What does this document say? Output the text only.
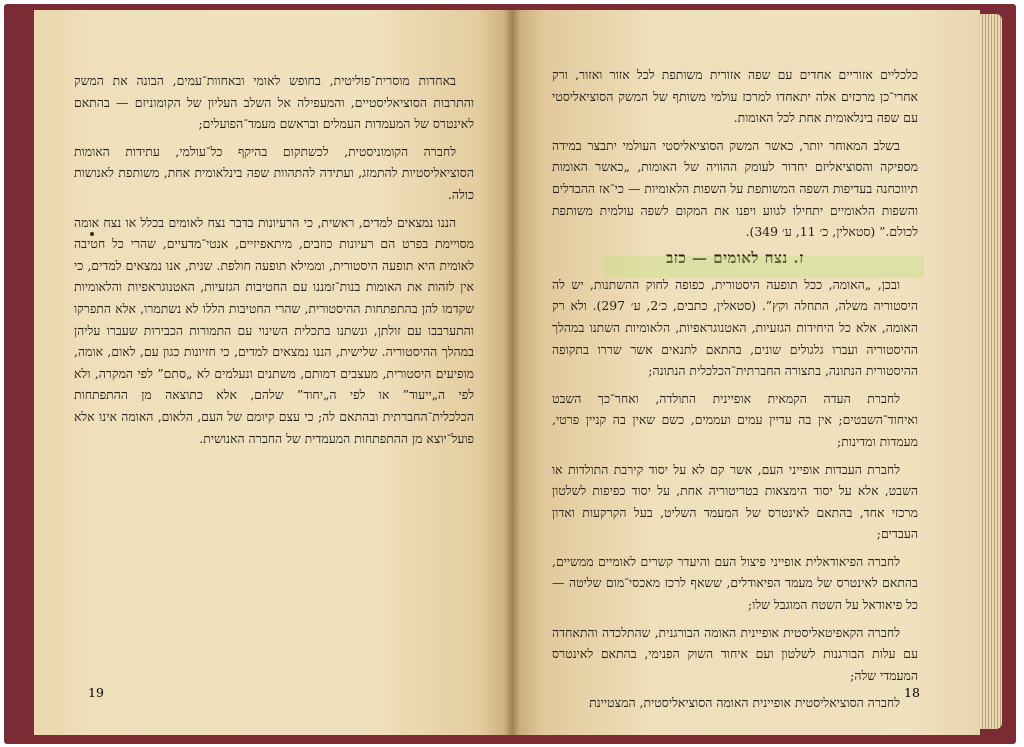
באחדות מוסרית־פוליטית, בחופש לאומי ובאחוות־עמים, הבונה את המשק והתרבות הסוציאליסטיים, והמעפילה אל השלב העליון של הקומוניזם — בהתאם לאינטרס של המעמדות העמלים ובראשם מעמד־הפועלים;

לחברה הקומוניסטית, לכשתקום בהיקף כל־עולמי, עתידות האומות הסוציאליסטיות להתמזג, ועתידה להתהוות שפה בינלאומית אחת, משותפת לאנושות כולה.

הננו נמצאים למדים, ראשית, כי הרעיונות בדבר נצח לאומים בכלל או נצח אומה מסויימת בפרט הם רעיונות כוזבים, מיתאפיזיים, אנטי־מדעיים, שהרי כל חטיבה לאומית היא תופעה היסטורית, וממילא תופעה חולפת. שנית, אנו נמצאים למדים, כי אין לזהות את האומות בנות־זמננו עם החטיבות הגזעיות, האטנוגראפיות והלאומיות שקדמו להן בהתפתחות ההיסטורית, שהרי החטיבות הללו לא נשתמרו, אלא התפרקו והתערבבו עם זולתן, ונשתנו בתכלית השינוי עם התמורות הכבירות שעברו עליהן במהלך ההיסטוריה. שלישית, הננו נמצאים למדים, כי חזיונות כגון עם, לאום, אומה, מופיעים היסטורית, מעצבים דמותם, משתנים ונעלמים לא „סתם” לפי המקרה, ולא לפי ה„ייעוד” או לפי ה„יחוד” שלהם, אלא כתוצאה מן ההתפתחות הכלכלית־החברתית ובהתאם לה; כי עצם קיומם של העם, הלאום, האומה אינו אלא פועל־יוצא מן ההתפתחות המעמדית של החברה האנושית.

כלכליים אזוריים אחדים עם שפה אזורית משותפת לכל אזור ואזור, ורק אחרי־כן מרכזים אלה יתאחדו למרכז עולמי משותף של המשק הסוציאליסטי עם שפה בינלאומית אחת לכל האומות.

בשלב המאוחר יותר, כאשר המשק הסוציאליסטי העולמי יתבצר במידה מספיקה והסוציאליזם יחדור לעומק ההוויה של האומות, „כאשר האומות תיווכחנה בעדיפות השפה המשותפת על השפות הלאומיות — כי־אז ההבדלים והשפות הלאומיים יתחילו לגווע ויפנו את המקום לשפה עולמית משותפת לכולם.” (סטאלין, כ׳ 11, ע׳ 349).

ז. נצח לאומים — כזב

ובכן, „האומה, ככל תופעה היסטורית, כפופה לחוק ההשתנות, יש לה היסטוריה משלה, התחלה וקץ”. (סטאלין, כתבים, כ׳2, ע׳ 297). ולא רק האומה, אלא כל היחידות הגזעיות, האטנוגראפיות, הלאומיות השתנו במהלך ההיסטוריה ועברו גלגולים שונים, בהתאם לתנאים אשר שררו בתקופה ההיסטורית הנתונה, בתצורה החברתית־הכלכלית הנתונה;

לחברת העדה הקמאית אופיינית התולדה, ואחר־כך השבט ואיחוד־השבטים; אין בה עדיין עמים ועממים, כשם שאין בה קניין פרטי, מעמדות ומדינות;

לחברת העבדות אופייני העם, אשר קם לא על יסוד קירבת התולדות או השבט, אלא על יסוד הימצאות בטריטוריה אחת, על יסוד כפיפות לשלטון מרכזי אחד, בהתאם לאינטרס של המעמד השליט, בעל הקרקעות ואדון העבדים;

לחברה הפיאודאלית אופייני פיצול העם והיעדר קשרים לאומיים ממשיים, בהתאם לאינטרס של מעמד הפיאודלים, ששאף לרכז מאכסי־מום שליטה — כל פיאודאל על השטח המוגבל שלו;

לחברה הקאפיטאליסטית אופיינית האומה הבורגנית, שהתלכדה והתאחדה עם עלות הבורגנות לשלטון ועם איחוד השוק הפנימי, בהתאם לאינטרס המעמדי שלה;

לחברה הסוציאליסטית אופיינית האומה הסוציאליסטית, המצטיינת

19	18
